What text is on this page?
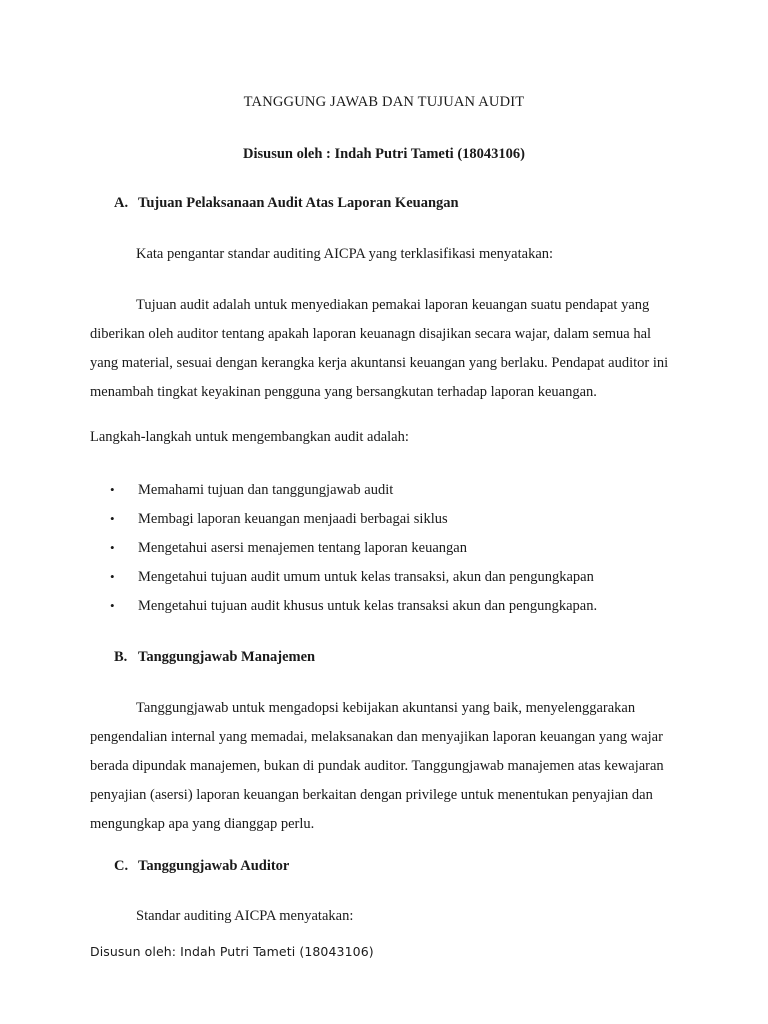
TANGGUNG JAWAB DAN TUJUAN AUDIT
Disusun oleh : Indah Putri Tameti (18043106)
A. Tujuan Pelaksanaan Audit Atas Laporan Keuangan
Kata pengantar standar auditing AICPA yang terklasifikasi menyatakan:

Tujuan audit adalah untuk menyediakan pemakai laporan keuangan suatu pendapat yang diberikan oleh auditor tentang apakah laporan keuanagn disajikan secara wajar, dalam semua hal yang material, sesuai dengan kerangka kerja akuntansi keuangan yang berlaku. Pendapat auditor ini menambah tingkat keyakinan pengguna yang bersangkutan terhadap laporan keuangan.

Langkah-langkah untuk mengembangkan audit adalah:
•	Memahami tujuan dan tanggungjawab audit
•	Membagi laporan keuangan menjaadi berbagai siklus
•	Mengetahui asersi menajemen tentang laporan keuangan
•	Mengetahui tujuan audit umum untuk kelas transaksi, akun dan pengungkapan
•	Mengetahui tujuan audit khusus untuk kelas transaksi akun dan pengungkapan.
B. Tanggungjawab Manajemen

Tanggungjawab untuk mengadopsi kebijakan akuntansi yang baik, menyelenggarakan pengendalian internal yang memadai, melaksanakan dan menyajikan laporan keuangan yang wajar berada dipundak manajemen, bukan di pundak auditor. Tanggungjawab manajemen atas kewajaran penyajian (asersi) laporan keuangan berkaitan dengan privilege untuk menentukan penyajian dan mengungkap apa yang dianggap perlu.

C. Tanggungjawab Auditor
Standar auditing AICPA menyatakan:
Disusun oleh: Indah Putri Tameti (18043106)
